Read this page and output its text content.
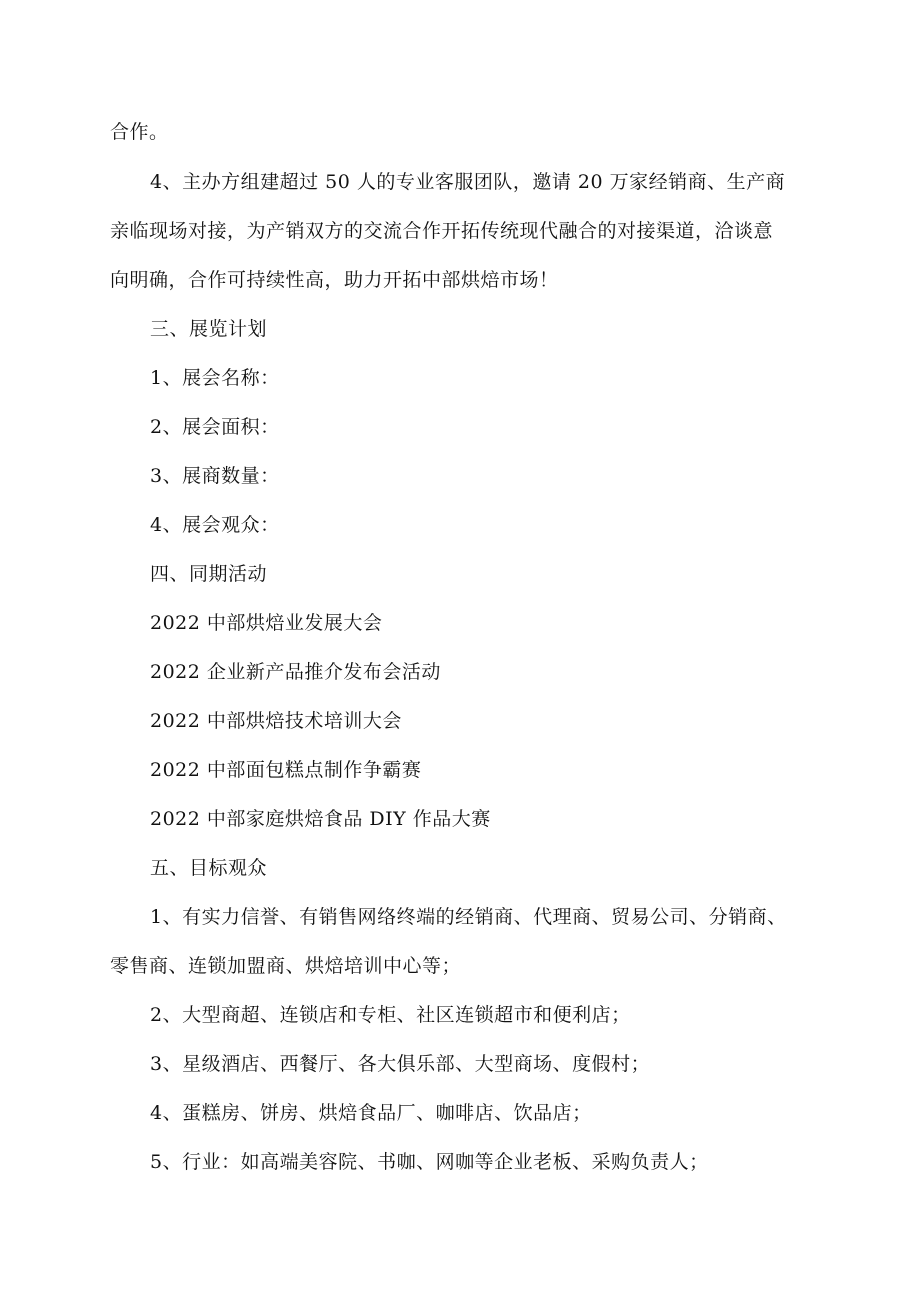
合作。
4、主办方组建超过 50 人的专业客服团队，邀请 20 万家经销商、生产商
亲临现场对接，为产销双方的交流合作开拓传统现代融合的对接渠道，洽谈意
向明确，合作可持续性高，助力开拓中部烘焙市场！
三、展览计划
1、展会名称：
2、展会面积：
3、展商数量：
4、展会观众：
四、同期活动
2022 中部烘焙业发展大会
2022 企业新产品推介发布会活动
2022 中部烘焙技术培训大会
2022 中部面包糕点制作争霸赛
2022 中部家庭烘焙食品 DIY 作品大赛
五、目标观众
1、有实力信誉、有销售网络终端的经销商、代理商、贸易公司、分销商、
零售商、连锁加盟商、烘焙培训中心等；
2、大型商超、连锁店和专柜、社区连锁超市和便利店；
3、星级酒店、西餐厅、各大俱乐部、大型商场、度假村；
4、蛋糕房、饼房、烘焙食品厂、咖啡店、饮品店；
5、行业：如高端美容院、书咖、网咖等企业老板、采购负责人；
